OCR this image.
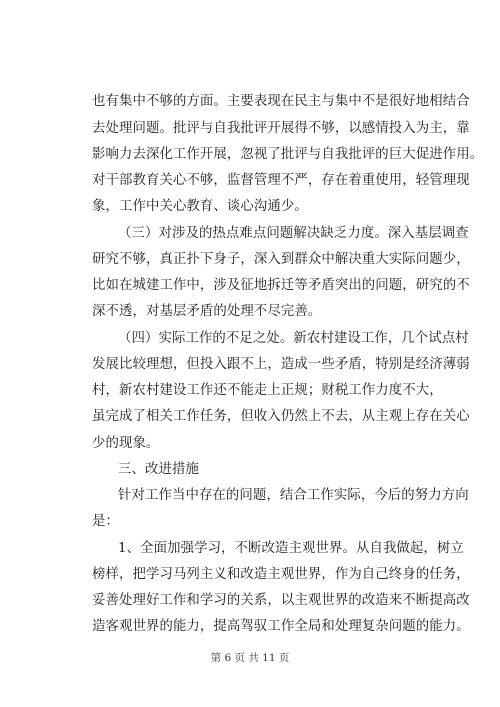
也有集中不够的方面。主要表现在民主与集中不是很好地相结合
去处理问题。批评与自我批评开展得不够，以感情投入为主，靠
影响力去深化工作开展，忽视了批评与自我批评的巨大促进作用。
对干部教育关心不够，监督管理不严，存在着重使用，轻管理现
象，工作中关心教育、谈心沟通少。
（三）对涉及的热点难点问题解决缺乏力度。深入基层调查
研究不够，真正扑下身子，深入到群众中解决重大实际问题少，
比如在城建工作中，涉及征地拆迁等矛盾突出的问题，研究的不
深不透，对基层矛盾的处理不尽完善。
（四）实际工作的不足之处。新农村建设工作，几个试点村
发展比较理想，但投入跟不上，造成一些矛盾，特别是经济薄弱
村，新农村建设工作还不能走上正规；财税工作力度不大，
虽完成了相关工作任务，但收入仍然上不去，从主观上存在关心
少的现象。
三、改进措施
针对工作当中存在的问题，结合工作实际，今后的努力方向
是：
1、全面加强学习，不断改造主观世界。从自我做起，树立
榜样，把学习马列主义和改造主观世界，作为自己终身的任务，
妥善处理好工作和学习的关系，以主观世界的改造来不断提高改
造客观世界的能力，提高驾驭工作全局和处理复杂问题的能力。
第 6 页 共 11 页
